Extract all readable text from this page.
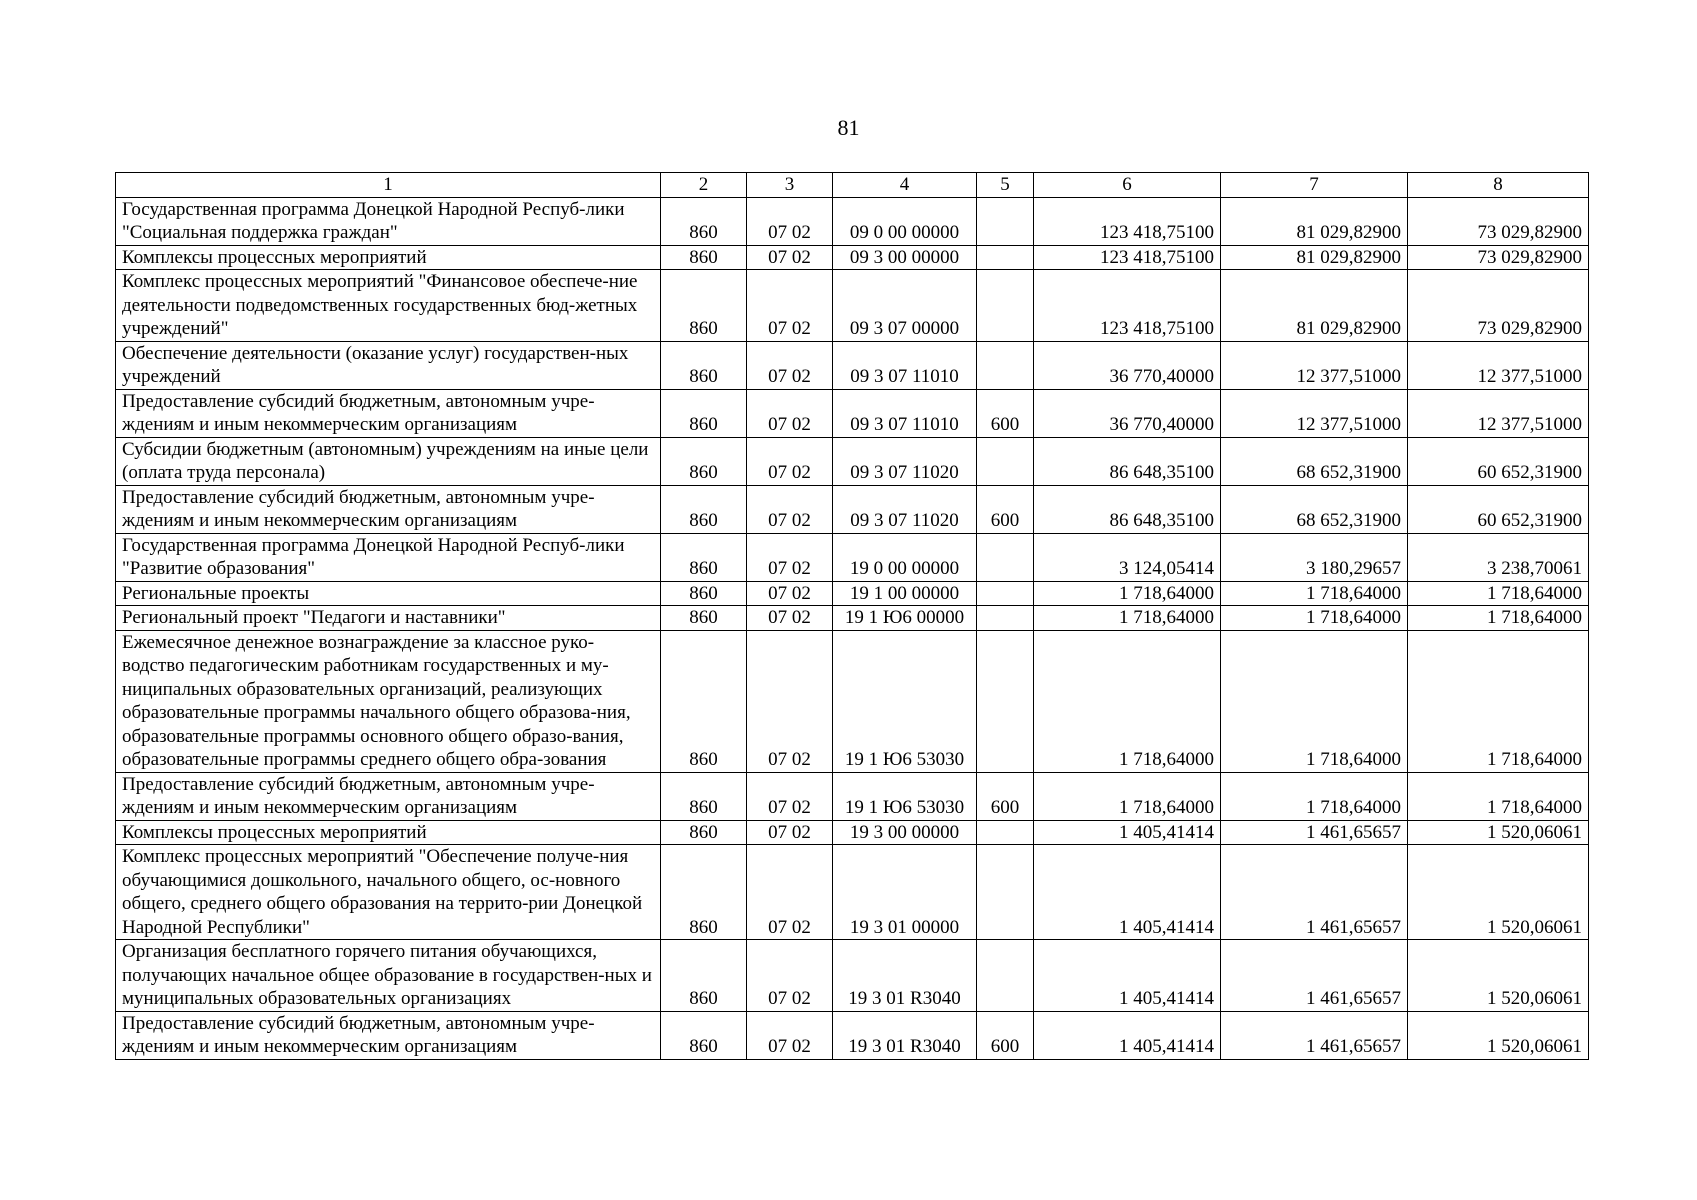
81
1	2	3	4	5	6	7	8
Государственная программа Донецкой Народной Респуб-лики "Социальная поддержка граждан"	860	07 02	09 0 00 00000		123 418,75100	81 029,82900	73 029,82900
Комплексы процессных мероприятий	860	07 02	09 3 00 00000		123 418,75100	81 029,82900	73 029,82900
Комплекс процессных мероприятий "Финансовое обеспече-ние деятельности подведомственных государственных бюд-жетных учреждений"	860	07 02	09 3 07 00000		123 418,75100	81 029,82900	73 029,82900
Обеспечение деятельности (оказание услуг) государствен-ных учреждений	860	07 02	09 3 07 11010		36 770,40000	12 377,51000	12 377,51000
Предоставление субсидий бюджетным, автономным учре-ждениям и иным некоммерческим организациям	860	07 02	09 3 07 11010	600	36 770,40000	12 377,51000	12 377,51000
Субсидии бюджетным (автономным) учреждениям на иные цели (оплата труда персонала)	860	07 02	09 3 07 11020		86 648,35100	68 652,31900	60 652,31900
Предоставление субсидий бюджетным, автономным учре-ждениям и иным некоммерческим организациям	860	07 02	09 3 07 11020	600	86 648,35100	68 652,31900	60 652,31900
Государственная программа Донецкой Народной Респуб-лики "Развитие образования"	860	07 02	19 0 00 00000		3 124,05414	3 180,29657	3 238,70061
Региональные проекты	860	07 02	19 1 00 00000		1 718,64000	1 718,64000	1 718,64000
Региональный проект "Педагоги и наставники"	860	07 02	19 1 Ю6 00000		1 718,64000	1 718,64000	1 718,64000
Ежемесячное денежное вознаграждение за классное руко-водство педагогическим работникам государственных и му-ниципальных образовательных организаций, реализующих образовательные программы начального общего образова-ния, образовательные программы основного общего образо-вания, образовательные программы среднего общего обра-зования	860	07 02	19 1 Ю6 53030		1 718,64000	1 718,64000	1 718,64000
Предоставление субсидий бюджетным, автономным учре-ждениям и иным некоммерческим организациям	860	07 02	19 1 Ю6 53030	600	1 718,64000	1 718,64000	1 718,64000
Комплексы процессных мероприятий	860	07 02	19 3 00 00000		1 405,41414	1 461,65657	1 520,06061
Комплекс процессных мероприятий "Обеспечение получе-ния обучающимися дошкольного, начального общего, ос-новного общего, среднего общего образования на террито-рии Донецкой Народной Республики"	860	07 02	19 3 01 00000		1 405,41414	1 461,65657	1 520,06061
Организация бесплатного горячего питания обучающихся, получающих начальное общее образование в государствен-ных и муниципальных образовательных организациях	860	07 02	19 3 01 R3040		1 405,41414	1 461,65657	1 520,06061
Предоставление субсидий бюджетным, автономным учре-ждениям и иным некоммерческим организациям	860	07 02	19 3 01 R3040	600	1 405,41414	1 461,65657	1 520,06061
